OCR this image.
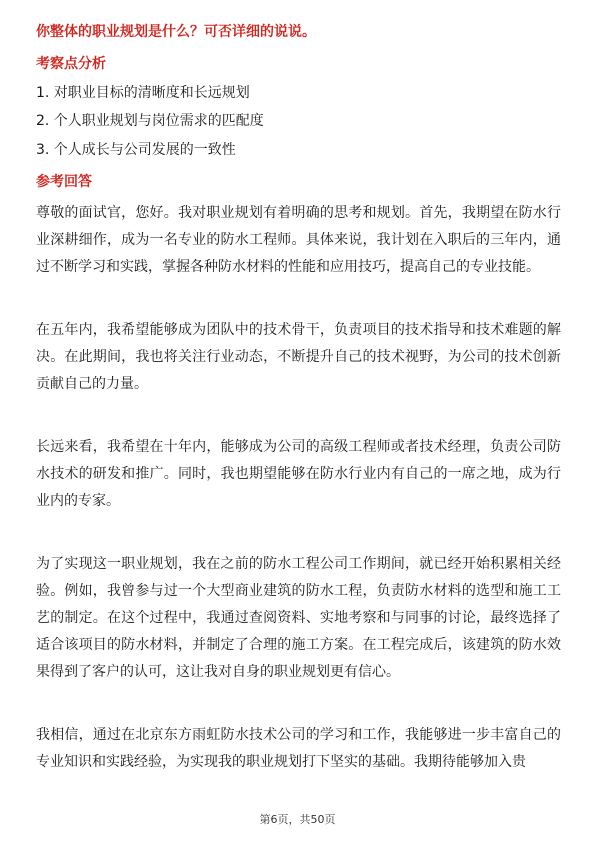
你整体的职业规划是什么？可否详细的说说。
考察点分析
1. 对职业目标的清晰度和长远规划
2. 个人职业规划与岗位需求的匹配度
3. 个人成长与公司发展的一致性
参考回答

尊敬的面试官，您好。我对职业规划有着明确的思考和规划。首先，我期望在防水行业深耕细作，成为一名专业的防水工程师。具体来说，我计划在入职后的三年内，通过不断学习和实践，掌握各种防水材料的性能和应用技巧，提高自己的专业技能。

在五年内，我希望能够成为团队中的技术骨干，负责项目的技术指导和技术难题的解决。在此期间，我也将关注行业动态，不断提升自己的技术视野，为公司的技术创新贡献自己的力量。

长远来看，我希望在十年内，能够成为公司的高级工程师或者技术经理，负责公司防水技术的研发和推广。同时，我也期望能够在防水行业内有自己的一席之地，成为行业内的专家。

为了实现这一职业规划，我在之前的防水工程公司工作期间，就已经开始积累相关经验。例如，我曾参与过一个大型商业建筑的防水工程，负责防水材料的选型和施工工艺的制定。在这个过程中，我通过查阅资料、实地考察和与同事的讨论，最终选择了适合该项目的防水材料，并制定了合理的施工方案。在工程完成后，该建筑的防水效果得到了客户的认可，这让我对自身的职业规划更有信心。

我相信，通过在北京东方雨虹防水技术公司的学习和工作，我能够进一步丰富自己的专业知识和实践经验，为实现我的职业规划打下坚实的基础。我期待能够加入贵

第6页，共50页
